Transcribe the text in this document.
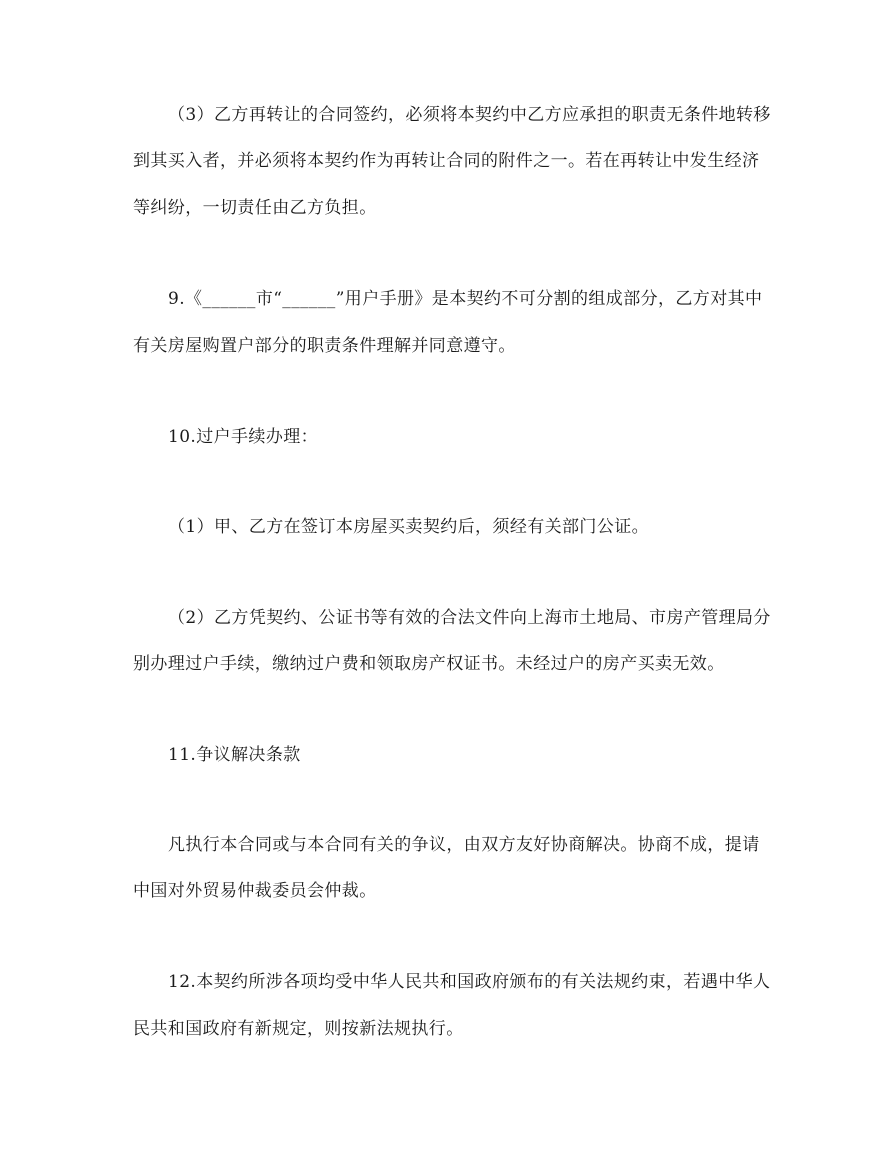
（3）乙方再转让的合同签约，必须将本契约中乙方应承担的职责无条件地转移
到其买入者，并必须将本契约作为再转让合同的附件之一。若在再转让中发生经济
等纠纷，一切责任由乙方负担。
9.《______市“______”用户手册》是本契约不可分割的组成部分，乙方对其中
有关房屋购置户部分的职责条件理解并同意遵守。
10.过户手续办理：
（1）甲、乙方在签订本房屋买卖契约后，须经有关部门公证。
（2）乙方凭契约、公证书等有效的合法文件向上海市土地局、市房产管理局分
别办理过户手续，缴纳过户费和领取房产权证书。未经过户的房产买卖无效。
11.争议解决条款
凡执行本合同或与本合同有关的争议，由双方友好协商解决。协商不成，提请
中国对外贸易仲裁委员会仲裁。
12.本契约所涉各项均受中华人民共和国政府颁布的有关法规约束，若遇中华人
民共和国政府有新规定，则按新法规执行。
